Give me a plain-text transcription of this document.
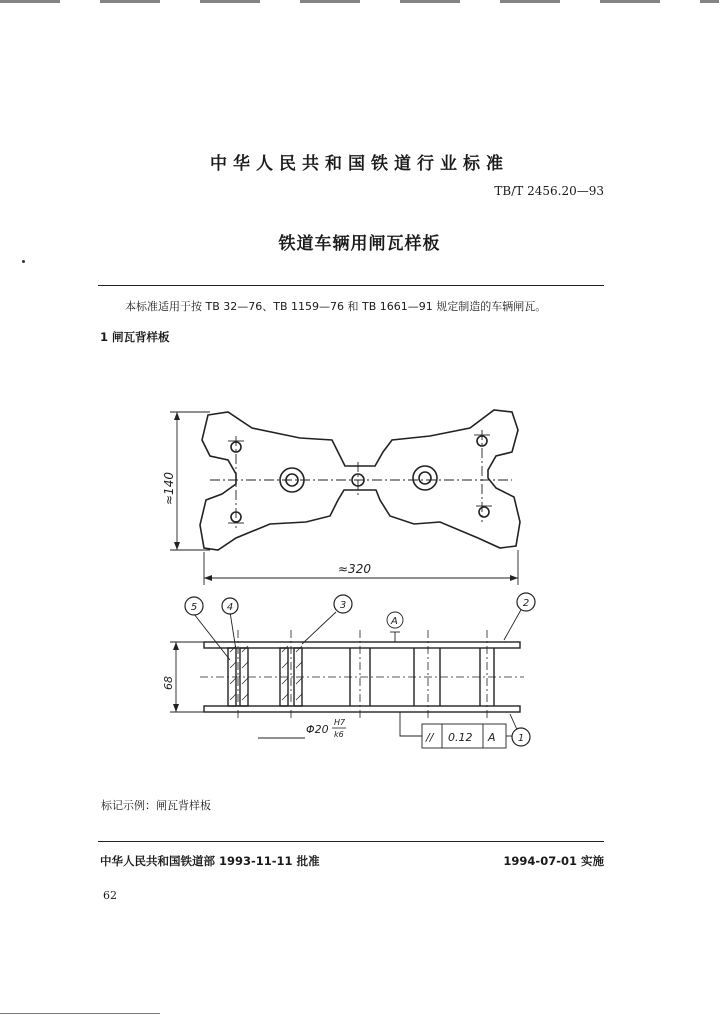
中华人民共和国铁道行业标准
TB/T 2456.20—93
铁道车辆用闸瓦样板
本标准适用于按 TB 32—76、TB 1159—76 和 TB 1661—91 规定制造的车辆闸瓦。
1 闸瓦背样板
≈140
≈320
68
Φ20
H7
k6
A
// 0.12 A
5	4	3	2
1
标记示例：闸瓦背样板
中华人民共和国铁道部 1993-11-11 批准	1994-07-01 实施
62
